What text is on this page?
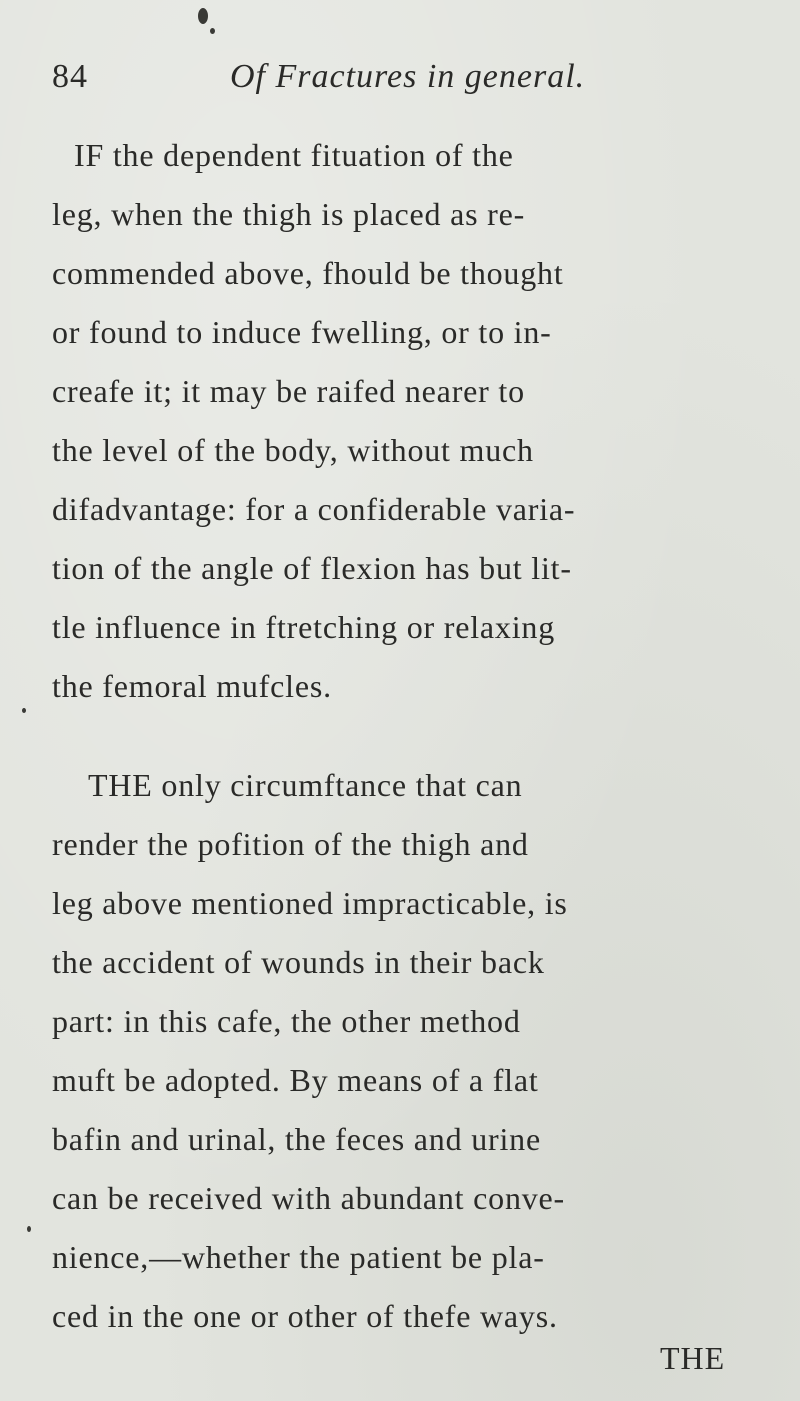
84	Of Fractures in general.
IF the dependent fituation of the
leg, when the thigh is placed as re-
commended above, fhould be thought
or found to induce fwelling, or to in-
creafe it; it may be raifed nearer to
the level of the body, without much
difadvantage: for a confiderable varia-
tion of the angle of flexion has but lit-
tle influence in ftretching or relaxing
the femoral mufcles.
THE only circumftance that can
render the pofition of the thigh and
leg above mentioned impracticable, is
the accident of wounds in their back
part: in this cafe, the other method
muft be adopted. By means of a flat
bafin and urinal, the feces and urine
can be received with abundant conve-
nience,—whether the patient be pla-
ced in the one or other of thefe ways.
THE
